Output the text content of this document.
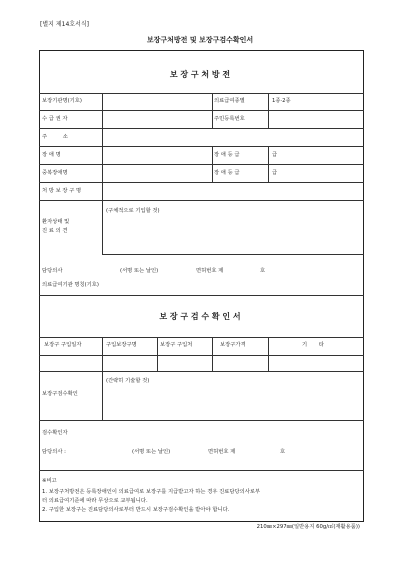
[별지 제14호서식]
보장구처방전 및 보장구검수확인서
보 장 구 처 방 전
보장기관명(기호)	의료급여종별	1종·2종
수 급 권 자	주민등록번호
주 소
장 애 명	장 애 등 급	급
중복장애명	장 애 등 급	급
처 방 보 장 구 명
환자상태 및
진 료 의 견
(구체적으로 기입할 것)
담당의사	(서명 또는 날인)	면허번호 제	호
의료급여기관 명칭(기호)
보 장 구 검 수 확 인 서
보장구 구입일자	구입보장구명	보장구 구입처	보장구가격	기 타
(간략히 기술할 것)
보장구검수확인
검수확인자
담당의사 :	(서명 또는 날인)	면허번호 제	호
※비고
1. 보장구처방전은 등록장애인이 의료급여로 보장구를 지급받고자 하는 경우 진료담당의사로부
터 의료급여기준에 따라 무상으로 교부됩니다.
2. 구입한 보장구는 진료담당의사로부터 반드시 보장구검수확인을 받아야 합니다.
210㎜×297㎜(일반용지 60g/㎡(재활용품))
